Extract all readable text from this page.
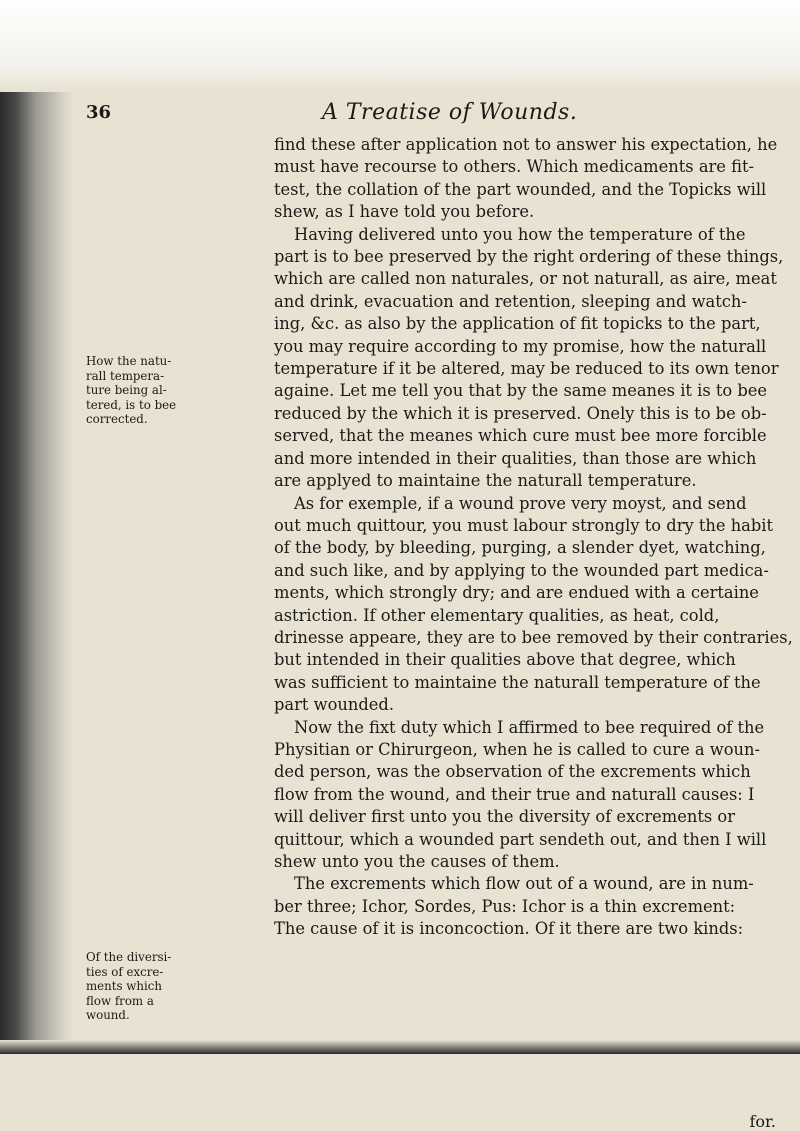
36	A Treatise of Wounds.
How the natu-
rall tempera-
ture being al-
tered, is to bee
corrected.
Of the diversi-
ties of excre-
ments which
flow from a
wound.
find these after application not to answer his expectation, he
must have recourse to others. Which medicaments are fit-
test, the collation of the part wounded, and the Topicks will
shew, as I have told you before.
Having delivered unto you how the temperature of the
part is to bee preserved by the right ordering of these things,
which are called non naturales, or not naturall, as aire, meat
and drink, evacuation and retention, sleeping and watch-
ing, &c. as also by the application of fit topicks to the part,
you may require according to my promise, how the naturall
temperature if it be altered, may be reduced to its own tenor
againe. Let me tell you that by the same meanes it is to bee
reduced by the which it is preserved. Onely this is to be ob-
served, that the meanes which cure must bee more forcible
and more intended in their qualities, than those are which
are applyed to maintaine the naturall temperature.
As for exemple, if a wound prove very moyst, and send
out much quittour, you must labour strongly to dry the habit
of the body, by bleeding, purging, a slender dyet, watching,
and such like, and by applying to the wounded part medica-
ments, which strongly dry; and are endued with a certaine
astriction. If other elementary qualities, as heat, cold,
drinesse appeare, they are to bee removed by their contraries,
but intended in their qualities above that degree, which
was sufficient to maintaine the naturall temperature of the
part wounded.
Now the fixt duty which I affirmed to bee required of the
Physitian or Chirurgeon, when he is called to cure a woun-
ded person, was the observation of the excrements which
flow from the wound, and their true and naturall causes: I
will deliver first unto you the diversity of excrements or
quittour, which a wounded part sendeth out, and then I will
shew unto you the causes of them.
The excrements which flow out of a wound, are in num-
ber three; Ichor, Sordes, Pus: Ichor is a thin excrement:
The cause of it is inconcoction. Of it there are two kinds:
for.
